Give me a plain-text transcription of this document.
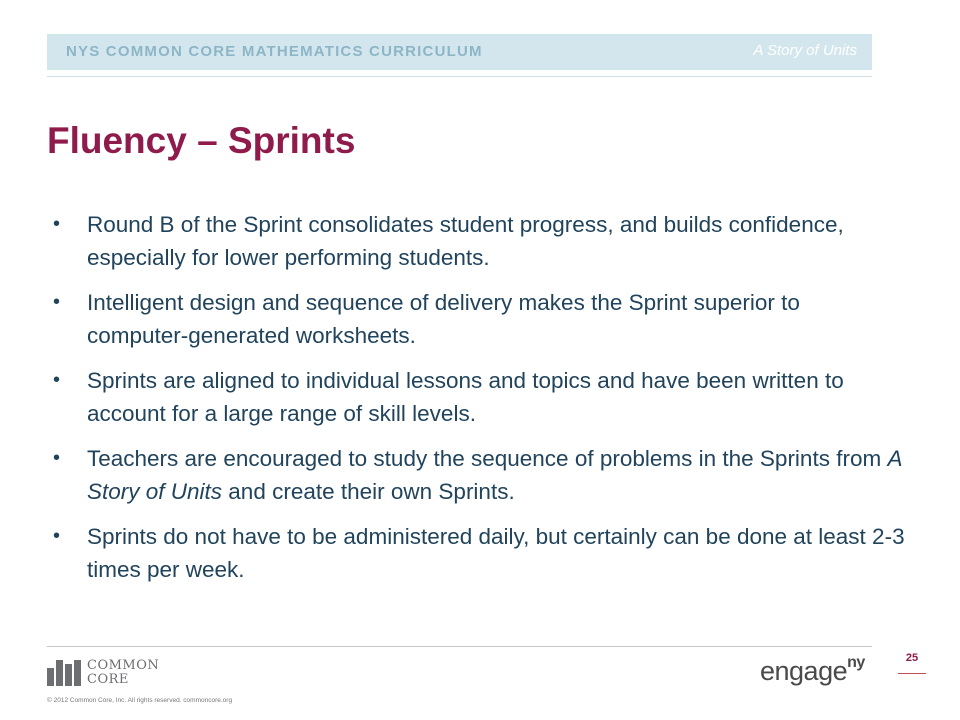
NYS COMMON CORE MATHEMATICS CURRICULUM	A Story of Units
Fluency – Sprints
• Round B of the Sprint consolidates student progress, and builds confidence, especially for lower performing students.
• Intelligent design and sequence of delivery makes the Sprint superior to computer-generated worksheets.
• Sprints are aligned to individual lessons and topics and have been written to account for a large range of skill levels.
• Teachers are encouraged to study the sequence of problems in the Sprints from A Story of Units and create their own Sprints.
• Sprints do not have to be administered daily, but certainly can be done at least 2-3 times per week.
COMMON
CORE
© 2012 Common Core, Inc. All rights reserved. commoncore.org
engage$^{ny}$	25
